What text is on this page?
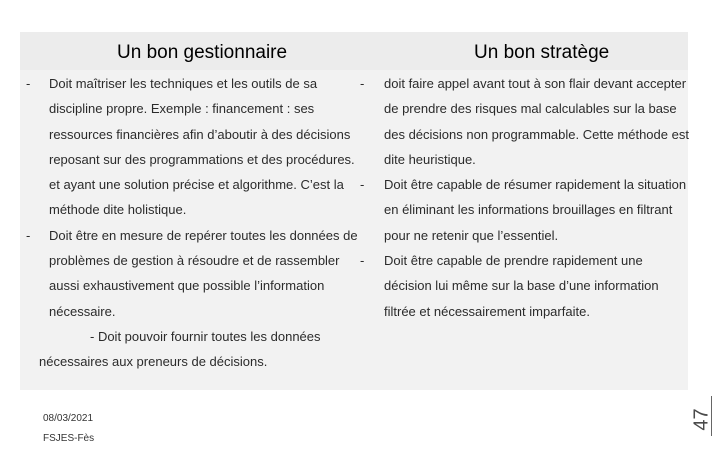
Un bon gestionnaire	Un bon stratège
- Doit maîtriser les techniques et les outils de sa discipline propre. Exemple : financement : ses ressources financières afin d’aboutir à des décisions reposant sur des programmations et des procédures. et ayant une solution précise et algorithme. C’est la méthode dite holistique.
- Doit être en mesure de repérer toutes les données de problèmes de gestion à résoudre et de rassembler aussi exhaustivement que possible l’information nécessaire.
- Doit pouvoir fournir toutes les données
nécessaires aux preneurs de décisions.
- doit faire appel avant tout à son flair devant accepter de prendre des risques mal calculables sur la base des décisions non programmable. Cette méthode est dite heuristique.
- Doit être capable de résumer rapidement la situation en éliminant les informations brouillages en filtrant pour ne retenir que l’essentiel.
- Doit être capable de prendre rapidement une décision lui même sur la base d’une information filtrée et nécessairement imparfaite.
08/03/2021
FSJES-Fès
47
